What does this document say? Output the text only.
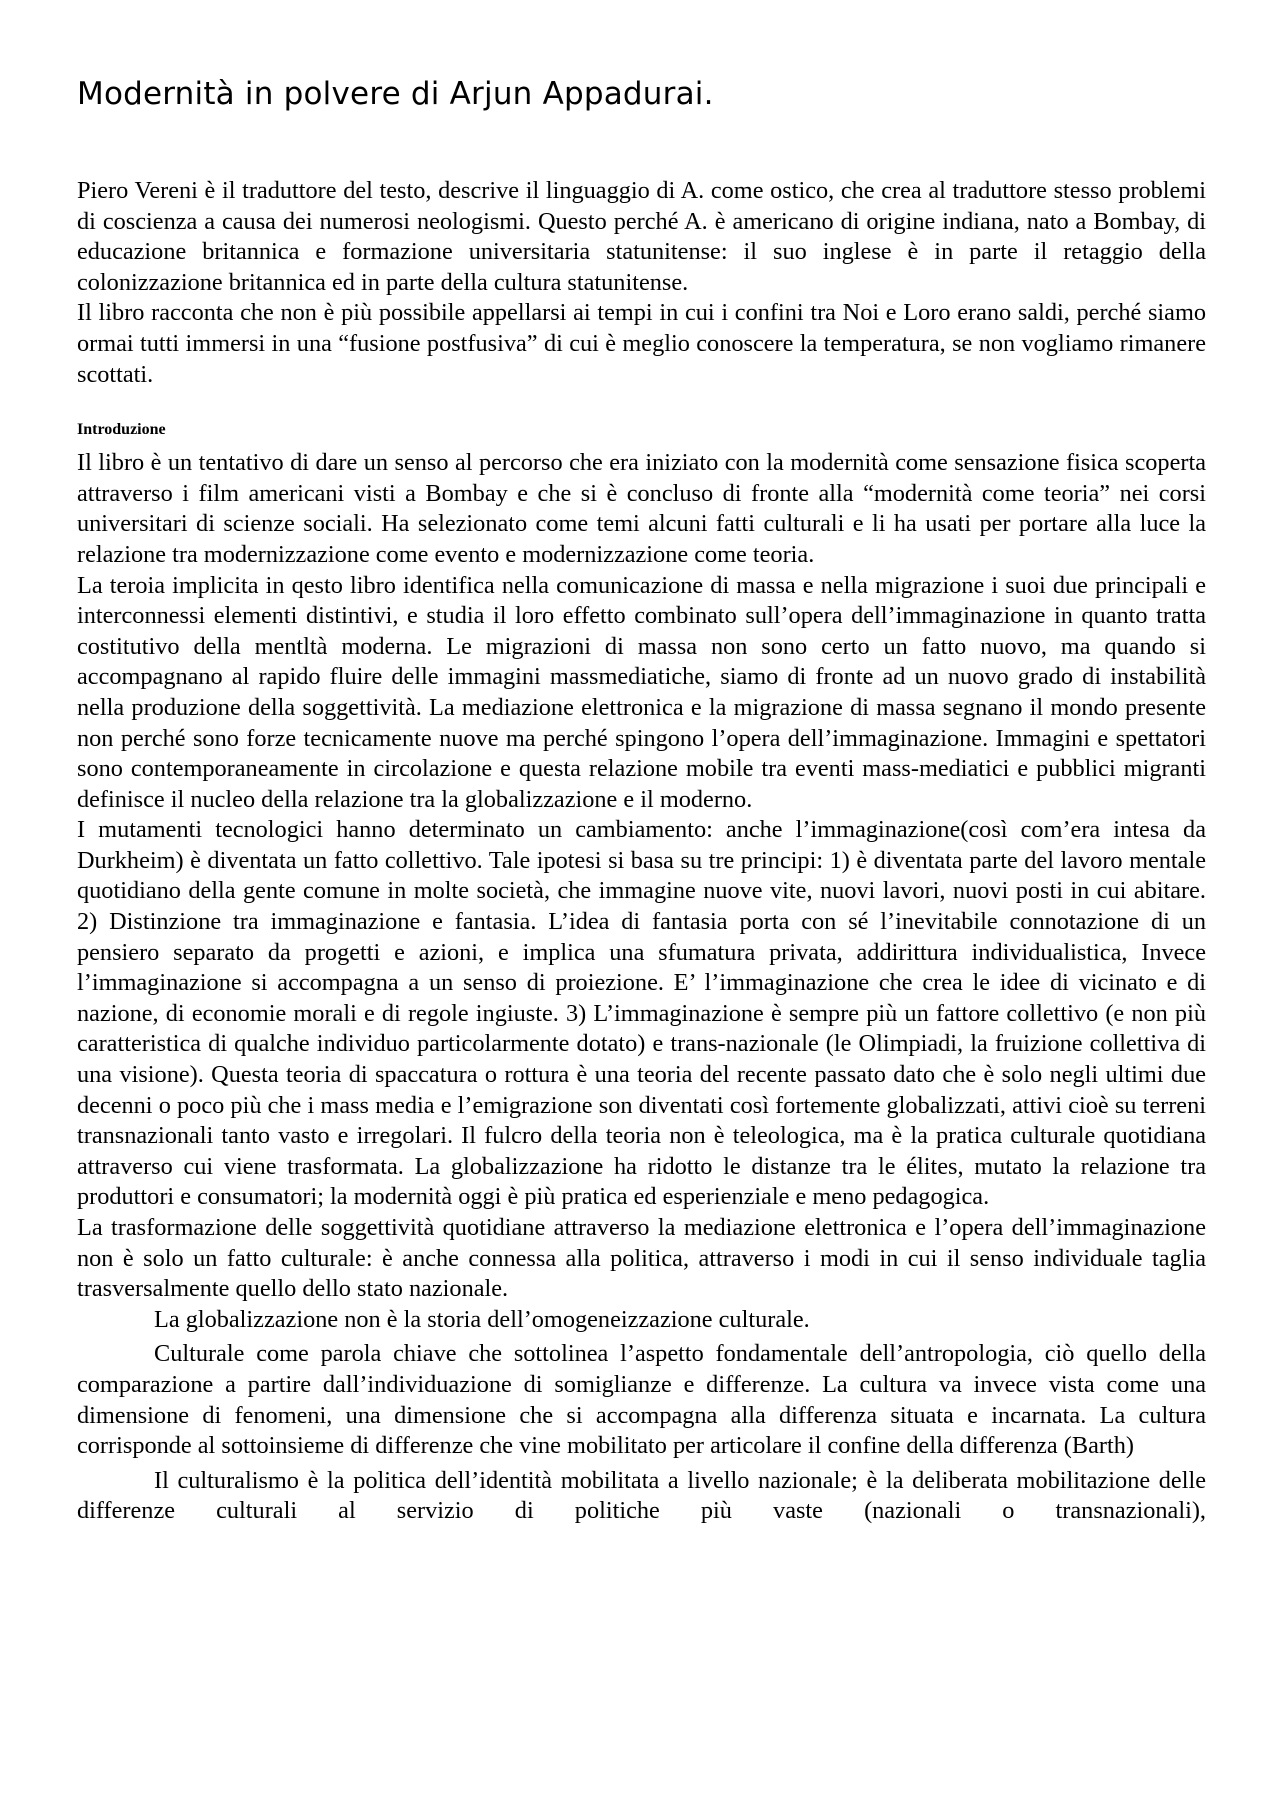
Modernità in polvere di Arjun Appadurai.

Piero Vereni è il traduttore del testo, descrive il linguaggio di A. come ostico, che crea al traduttore stesso problemi di coscienza a causa dei numerosi neologismi. Questo perché A. è americano di origine indiana, nato a Bombay, di educazione britannica e formazione universitaria statunitense: il suo inglese è in parte il retaggio della colonizzazione britannica ed in parte della cultura statunitense.

Il libro racconta che non è più possibile appellarsi ai tempi in cui i confini tra Noi e Loro erano saldi, perché siamo ormai tutti immersi in una “fusione postfusiva” di cui è meglio conoscere la temperatura, se non vogliamo rimanere scottati.

Introduzione

Il libro è un tentativo di dare un senso al percorso che era iniziato con la modernità come sensazione fisica scoperta attraverso i film americani visti a Bombay e che si è concluso di fronte alla “modernità come teoria” nei corsi universitari di scienze sociali. Ha selezionato come temi alcuni fatti culturali e li ha usati per portare alla luce la relazione tra modernizzazione come evento e modernizzazione come teoria.

La teroia implicita in qesto libro identifica nella comunicazione di massa e nella migrazione i suoi due principali e interconnessi elementi distintivi, e studia il loro effetto combinato sull’opera dell’immaginazione in quanto tratta costitutivo della mentltà moderna. Le migrazioni di massa non sono certo un fatto nuovo, ma quando si accompagnano al rapido fluire delle immagini massmediatiche, siamo di fronte ad un nuovo grado di instabilità nella produzione della soggettività. La mediazione elettronica e la migrazione di massa segnano il mondo presente non perché sono forze tecnicamente nuove ma perché spingono l’opera dell’immaginazione. Immagini e spettatori sono contemporaneamente in circolazione e questa relazione mobile tra eventi mass-mediatici e pubblici migranti definisce il nucleo della relazione tra la globalizzazione e il moderno.

I mutamenti tecnologici hanno determinato un cambiamento: anche l’immaginazione(così com’era intesa da Durkheim) è diventata un fatto collettivo. Tale ipotesi si basa su tre principi: 1) è diventata parte del lavoro mentale quotidiano della gente comune in molte società, che immagine nuove vite, nuovi lavori, nuovi posti in cui abitare. 2) Distinzione tra immaginazione e fantasia. L’idea di fantasia porta con sé l’inevitabile connotazione di un pensiero separato da progetti e azioni, e implica una sfumatura privata, addirittura individualistica, Invece l’immaginazione si accompagna a un senso di proiezione. E’ l’immaginazione che crea le idee di vicinato e di nazione, di economie morali e di regole ingiuste. 3) L’immaginazione è sempre più un fattore collettivo (e non più caratteristica di qualche individuo particolarmente dotato) e trans-nazionale (le Olimpiadi, la fruizione collettiva di una visione). Questa teoria di spaccatura o rottura è una teoria del recente passato dato che è solo negli ultimi due decenni o poco più che i mass media e l’emigrazione son diventati così fortemente globalizzati, attivi cioè su terreni transnazionali tanto vasto e irregolari. Il fulcro della teoria non è teleologica, ma è la pratica culturale quotidiana attraverso cui viene trasformata. La globalizzazione ha ridotto le distanze tra le élites, mutato la relazione tra produttori e consumatori; la modernità oggi è più pratica ed esperienziale e meno pedagogica.

La trasformazione delle soggettività quotidiane attraverso la mediazione elettronica e l’opera dell’immaginazione non è solo un fatto culturale: è anche connessa alla politica, attraverso i modi in cui il senso individuale taglia trasversalmente quello dello stato nazionale.

La globalizzazione non è la storia dell’omogeneizzazione culturale.

Culturale come parola chiave che sottolinea l’aspetto fondamentale dell’antropologia, ciò quello della comparazione a partire dall’individuazione di somiglianze e differenze. La cultura va invece vista come una dimensione di fenomeni, una dimensione che si accompagna alla differenza situata e incarnata. La cultura corrisponde al sottoinsieme di differenze che vine mobilitato per articolare il confine della differenza (Barth)

Il culturalismo è la politica dell’identità mobilitata a livello nazionale; è la deliberata mobilitazione delle differenze culturali al servizio di politiche più vaste (nazionali o transnazionali),
